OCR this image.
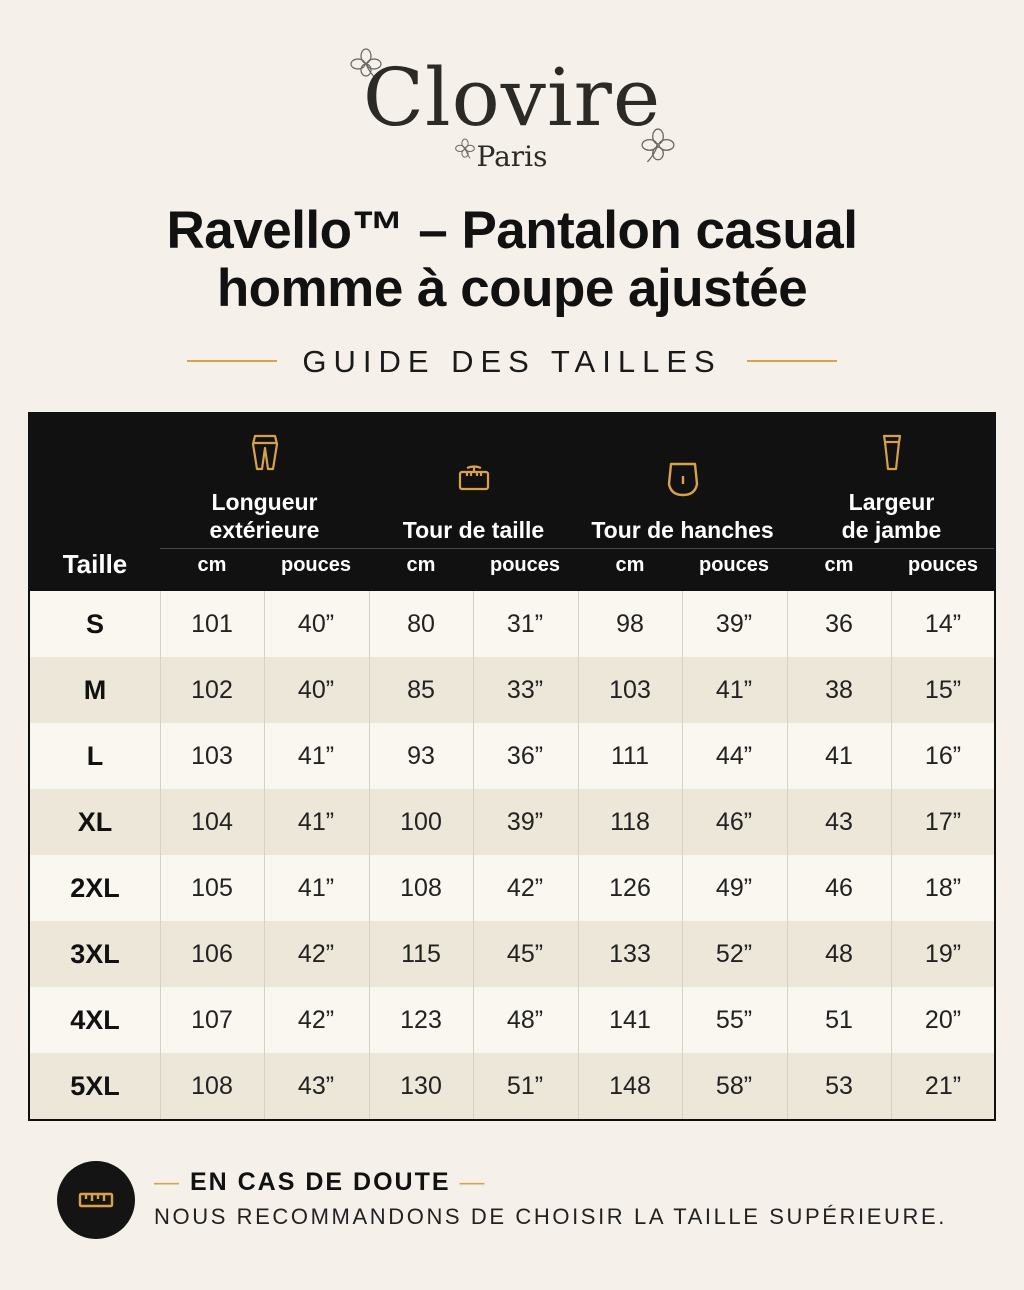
Clovire
Paris
Ravello™ – Pantalon casual
homme à coupe ajustée
GUIDE DES TAILLES
Longueur
extérieure	Tour de taille	Tour de hanches
Largeur
de jambe
Taille	cm	pouces	cm	pouces	cm	pouces	cm	pouces
S	101	40”	80	31”	98	39”	36	14”
M	102	40”	85	33”	103	41”	38	15”
L	103	41”	93	36”	111	44”	41	16”
XL	104	41”	100	39”	118	46”	43	17”
2XL	105	41”	108	42”	126	49”	46	18”
3XL	106	42”	115	45”	133	52”	48	19”
4XL	107	42”	123	48”	141	55”	51	20”
5XL	108	43”	130	51”	148	58”	53	21”
— EN CAS DE DOUTE —
NOUS RECOMMANDONS DE CHOISIR LA TAILLE SUPÉRIEURE.
